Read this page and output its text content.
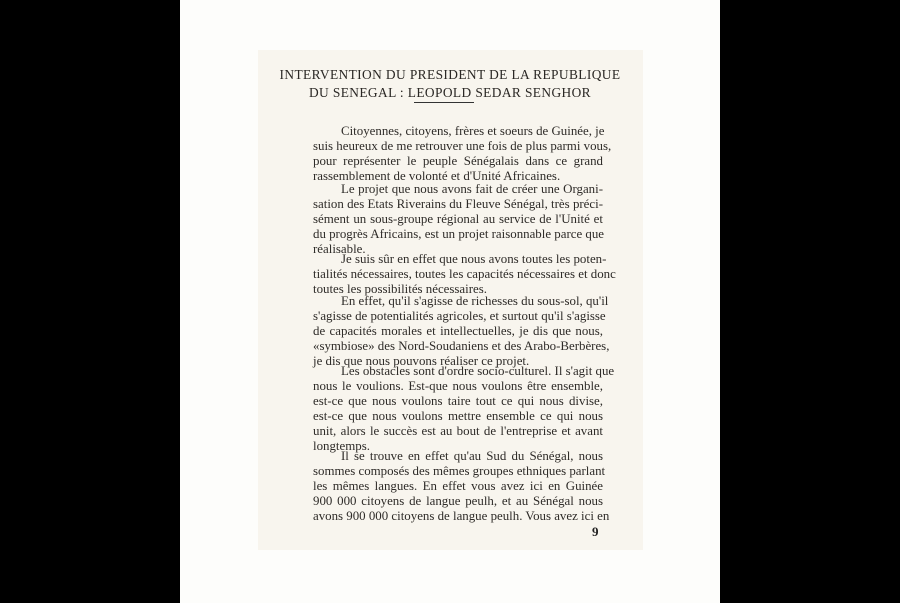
INTERVENTION DU PRESIDENT DE LA REPUBLIQUE
DU SENEGAL : LEOPOLD SEDAR SENGHOR
Citoyennes, citoyens, frères et soeurs de Guinée, je
suis heureux de me retrouver une fois de plus parmi vous,
pour représenter le peuple Sénégalais dans ce grand
rassemblement de volonté et d'Unité Africaines.
Le projet que nous avons fait de créer une Organi-
sation des Etats Riverains du Fleuve Sénégal, très préci-
sément un sous-groupe régional au service de l'Unité et
du progrès Africains, est un projet raisonnable parce que
réalisable.
Je suis sûr en effet que nous avons toutes les poten-
tialités nécessaires, toutes les capacités nécessaires et donc
toutes les possibilités nécessaires.
En effet, qu'il s'agisse de richesses du sous-sol, qu'il
s'agisse de potentialités agricoles, et surtout qu'il s'agisse
de capacités morales et intellectuelles, je dis que nous,
«symbiose» des Nord-Soudaniens et des Arabo-Berbères,
je dis que nous pouvons réaliser ce projet.
Les obstacles sont d'ordre socio-culturel. Il s'agit que
nous le voulions. Est-que nous voulons être ensemble,
est-ce que nous voulons taire tout ce qui nous divise,
est-ce que nous voulons mettre ensemble ce qui nous
unit, alors le succès est au bout de l'entreprise et avant
longtemps.
Il se trouve en effet qu'au Sud du Sénégal, nous
sommes composés des mêmes groupes ethniques parlant
les mêmes langues. En effet vous avez ici en Guinée
900 000 citoyens de langue peulh, et au Sénégal nous
avons 900 000 citoyens de langue peulh. Vous avez ici en
9
